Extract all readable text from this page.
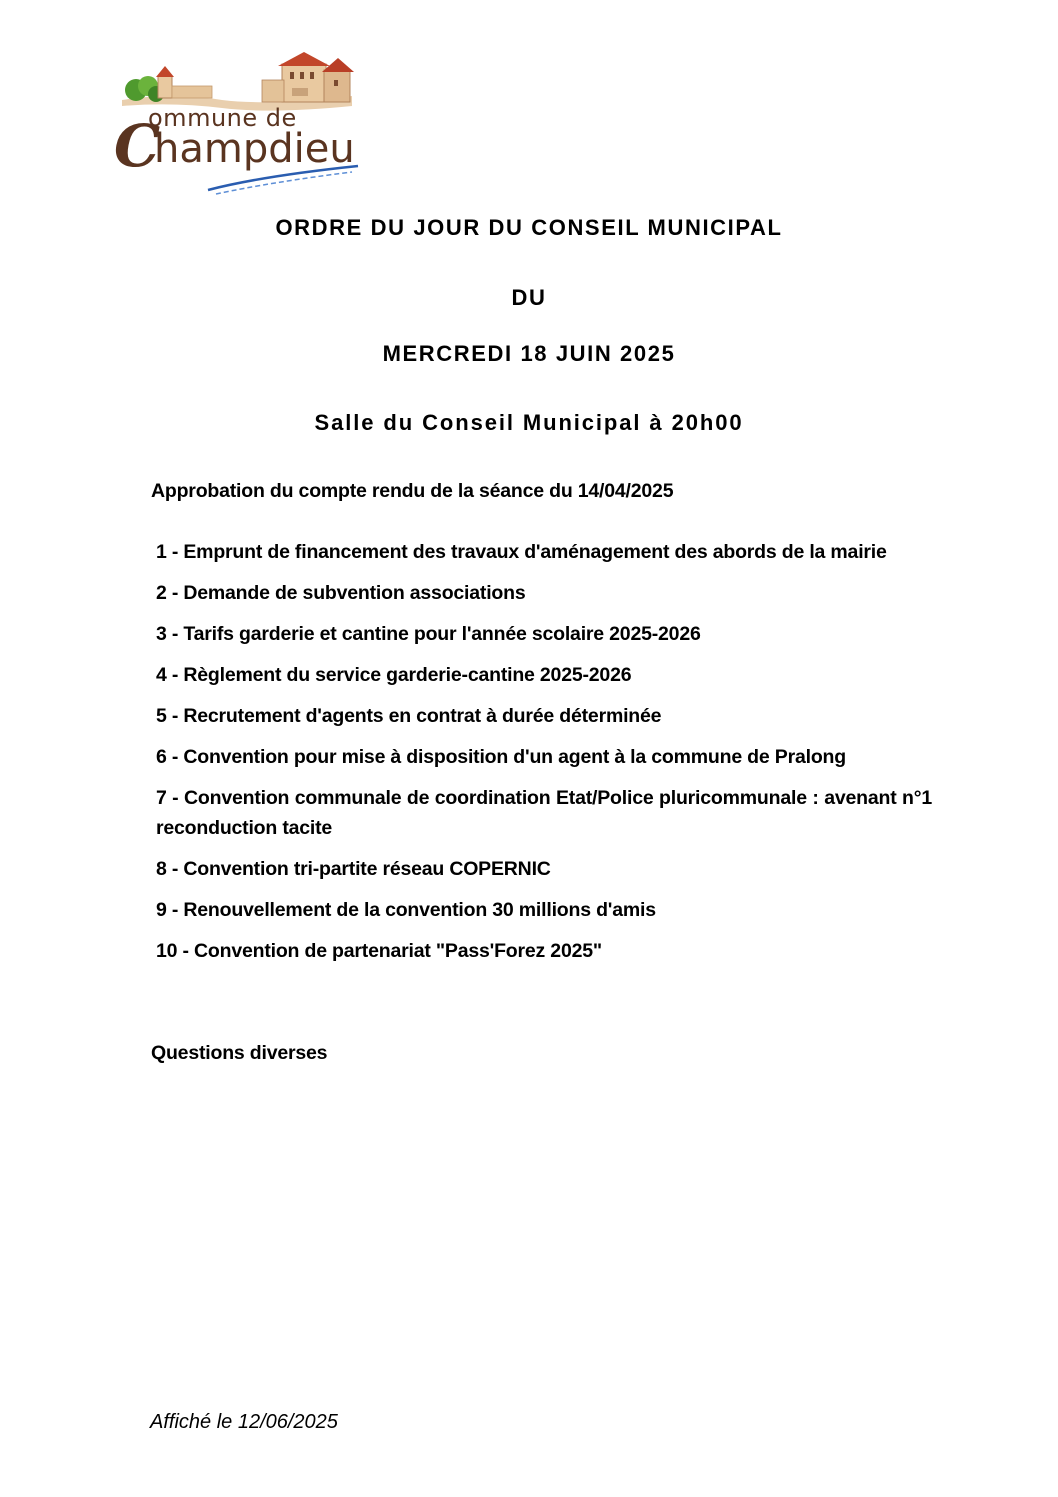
C
ommune de
hampdieu
ORDRE DU JOUR DU CONSEIL MUNICIPAL
DU
MERCREDI 18 JUIN 2025
Salle du Conseil Municipal à 20h00
Approbation du compte rendu de la séance du 14/04/2025
1 - Emprunt de financement des travaux d'aménagement des abords de la mairie
2 - Demande de subvention associations
3 - Tarifs garderie et cantine pour l'année scolaire 2025-2026
4 - Règlement du service garderie-cantine 2025-2026
5 - Recrutement d'agents en contrat à durée déterminée
6 - Convention pour mise à disposition d'un agent à la commune de Pralong
7 - Convention communale de coordination Etat/Police pluricommunale : avenant n°1 reconduction tacite
8 - Convention tri-partite réseau COPERNIC
9 - Renouvellement de la convention 30 millions d'amis
10 - Convention de partenariat "Pass'Forez 2025"
Questions diverses
Affiché le 12/06/2025
